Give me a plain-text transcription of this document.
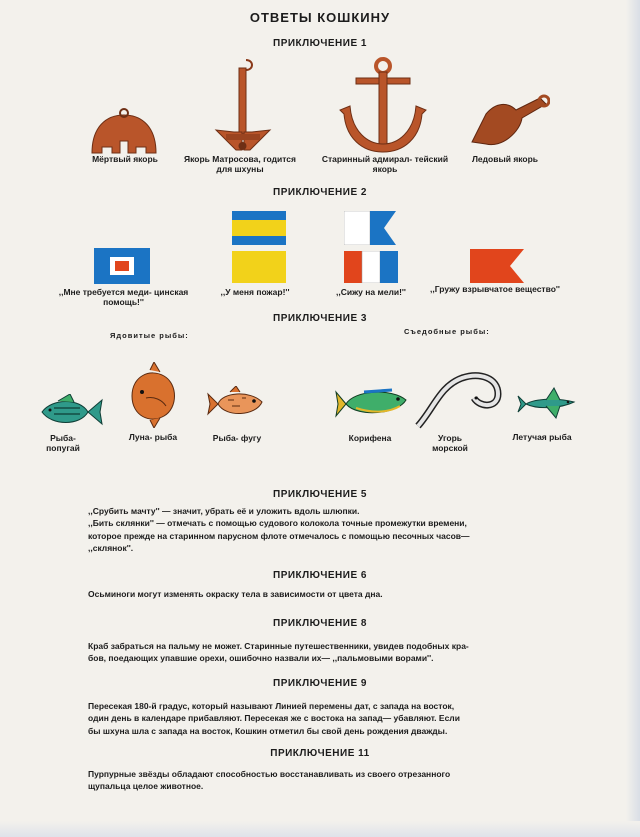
ОТВЕТЫ КОШКИНУ
ПРИКЛЮЧЕНИЕ 1
Мёртвый якорь	Якорь Матросова, годится для шхуны
Старинный адмирал- тейский якорь
Ледовый якорь
ПРИКЛЮЧЕНИЕ 2
,,Мне требуется меди- цинская помощь!''
,,У меня пожар!''	,,Сижу на мели!''	,,Гружу взрывчатое вещество''
ПРИКЛЮЧЕНИЕ 3
Ядовитые рыбы:	Съедобные рыбы:
Рыба- попугай
Луна- рыба	Рыба- фугу	Корифена	Угорь морской
Летучая рыба
ПРИКЛЮЧЕНИЕ 5
,,Срубить мачту'' — значит, убрать её и уложить вдоль шлюпки.
,,Бить склянки'' — отмечать с помощью судового колокола точные промежутки времени,
которое прежде на старинном парусном флоте отмечалось с помощью песочных часов—
,,склянок''.
ПРИКЛЮЧЕНИЕ 6
Осьминоги могут изменять окраску тела в зависимости от цвета дна.
ПРИКЛЮЧЕНИЕ 8
Краб забраться на пальму не может. Старинные путешественники, увидев подобных кра-
бов, поедающих упавшие орехи, ошибочно назвали их— ,,пальмовыми ворами''.
ПРИКЛЮЧЕНИЕ 9
Пересекая 180-й градус, который называют Линией перемены дат, с запада на восток,
один день в календаре прибавляют. Пересекая же с востока на запад— убавляют. Если
бы шхуна шла с запада на восток, Кошкин отметил бы свой день рождения дважды.
ПРИКЛЮЧЕНИЕ 11
Пурпурные звёзды обладают способностью восстанавливать из своего отрезанного
щупальца целое животное.
